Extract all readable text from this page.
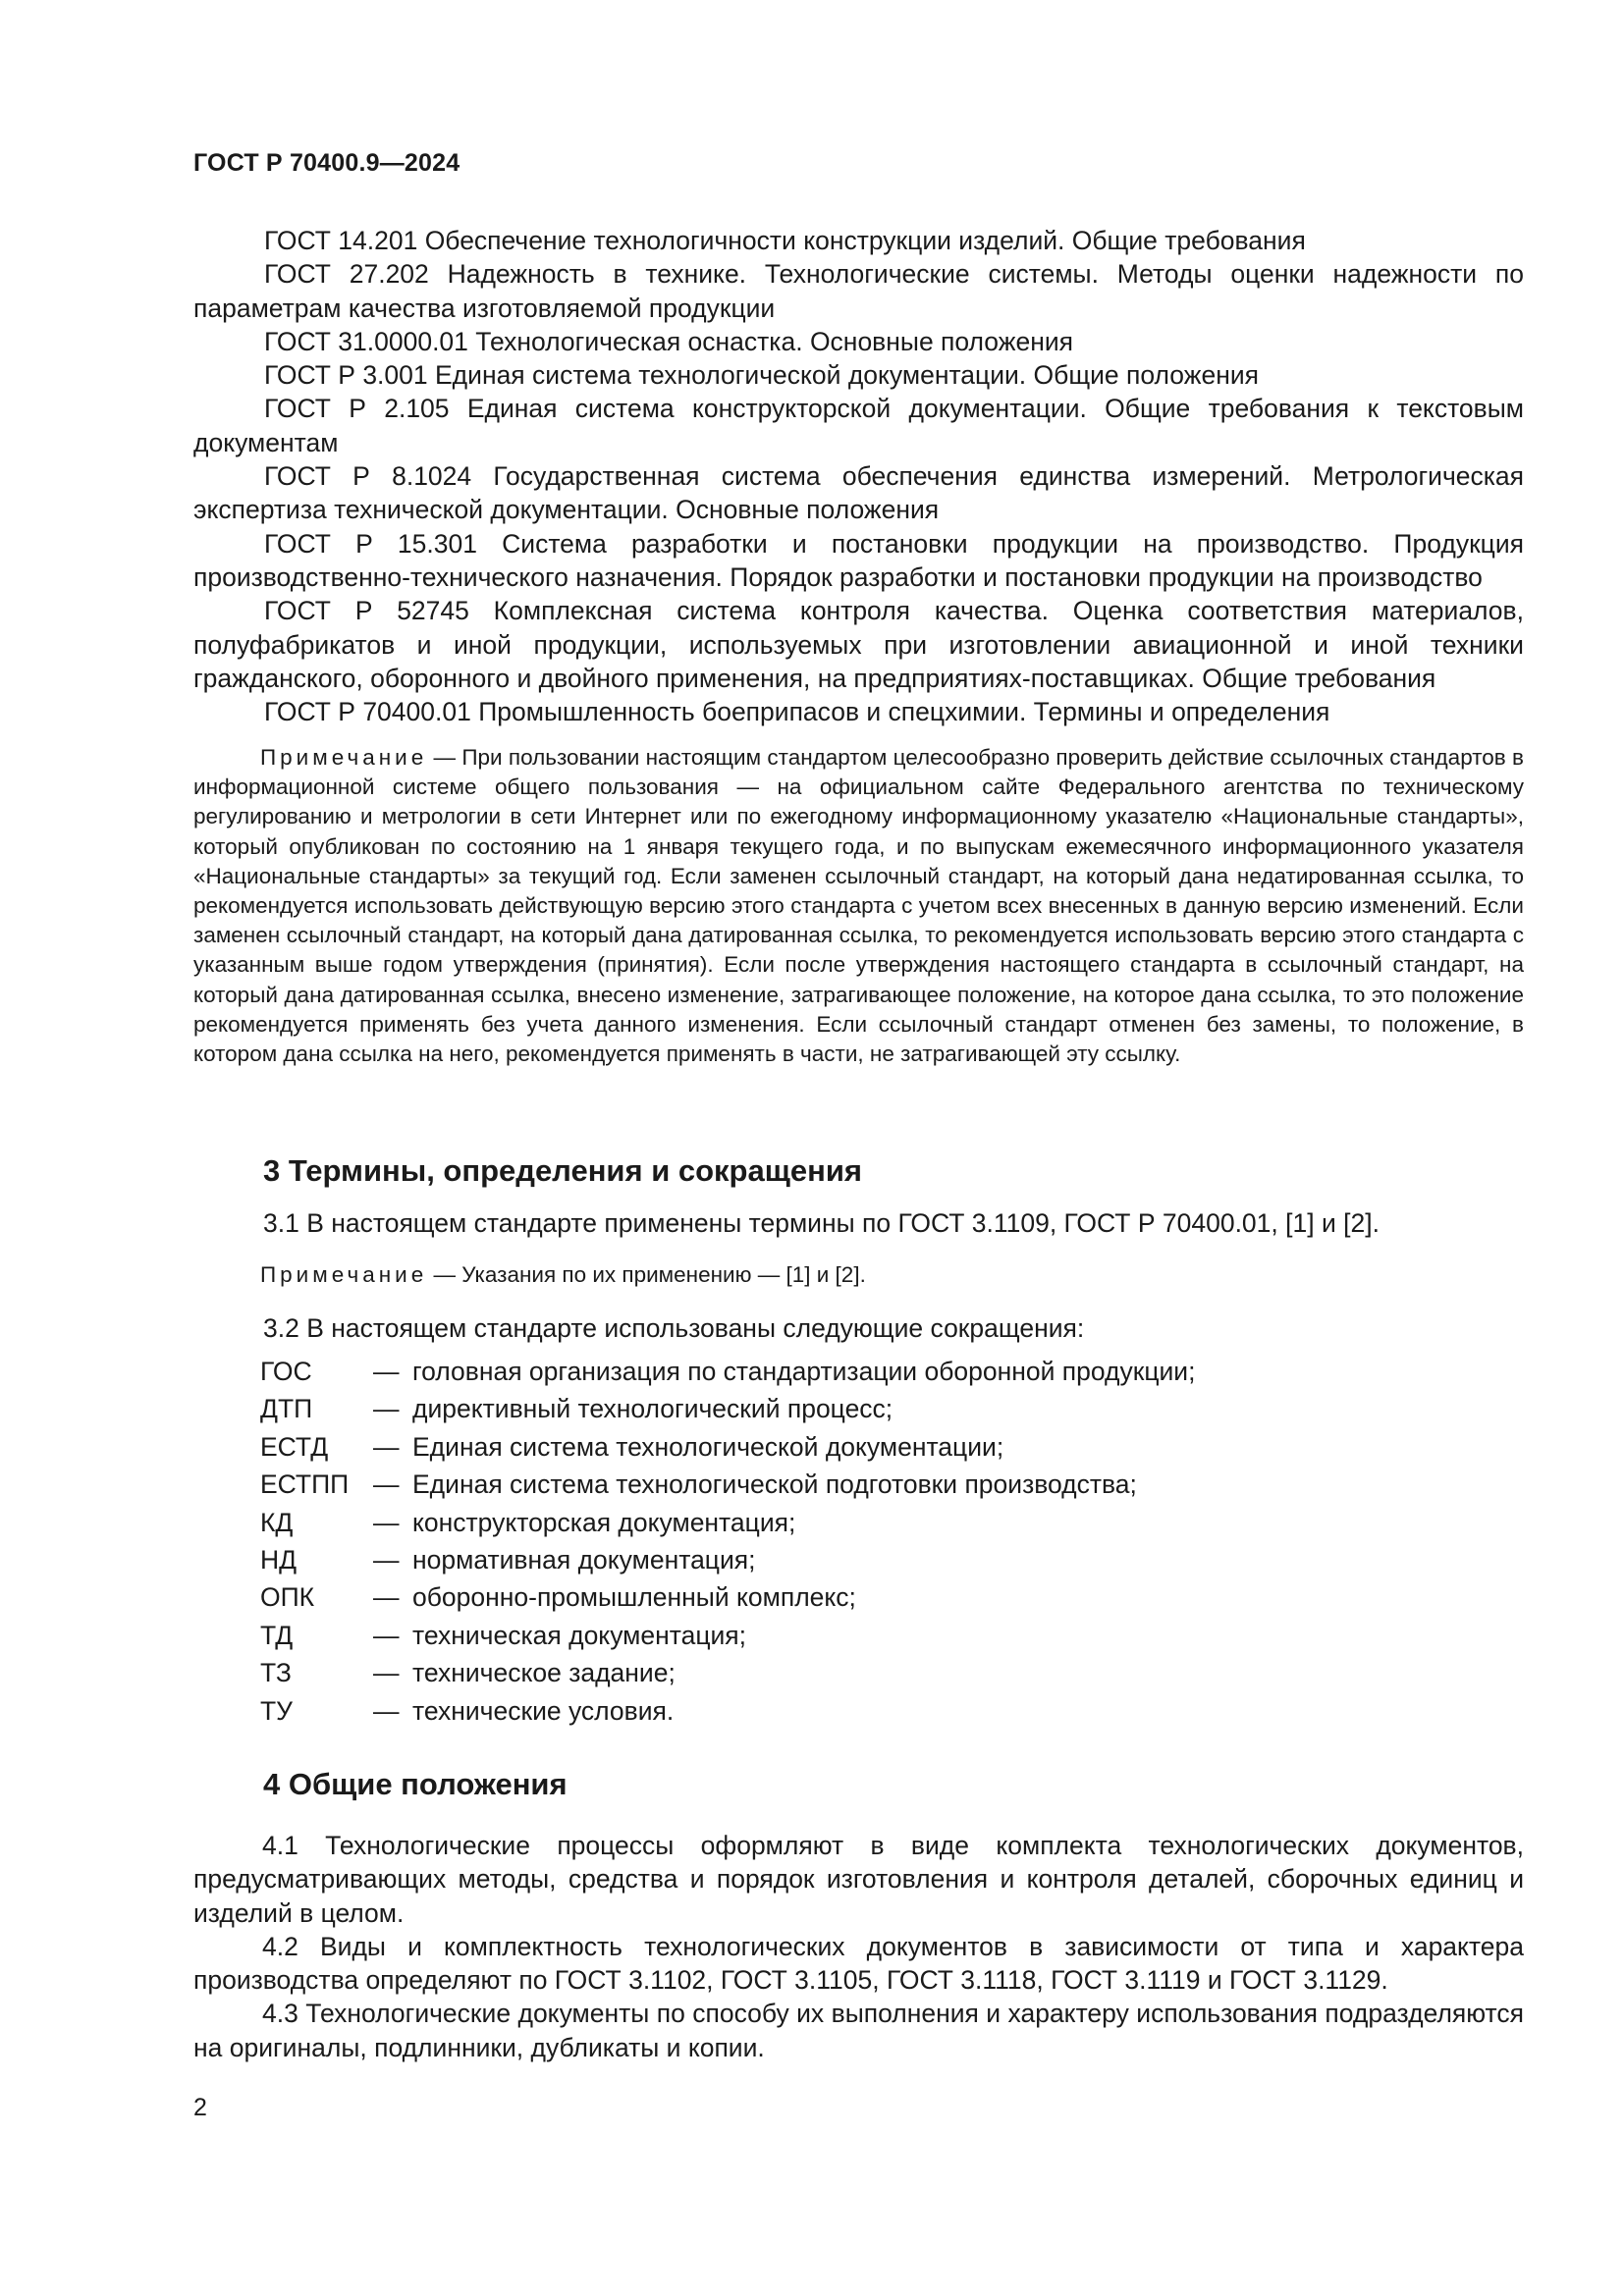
ГОСТ Р 70400.9—2024

ГОСТ 14.201 Обеспечение технологичности конструкции изделий. Общие требования

ГОСТ 27.202 Надежность в технике. Технологические системы. Методы оценки надежности по параметрам качества изготовляемой продукции

ГОСТ 31.0000.01 Технологическая оснастка. Основные положения

ГОСТ Р 3.001 Единая система технологической документации. Общие положения

ГОСТ Р 2.105 Единая система конструкторской документации. Общие требования к текстовым документам

ГОСТ Р 8.1024 Государственная система обеспечения единства измерений. Метрологическая экспертиза технической документации. Основные положения

ГОСТ Р 15.301 Система разработки и постановки продукции на производство. Продукция производственно-технического назначения. Порядок разработки и постановки продукции на производство

ГОСТ Р 52745 Комплексная система контроля качества. Оценка соответствия материалов, полуфабрикатов и иной продукции, используемых при изготовлении авиационной и иной техники гражданского, оборонного и двойного применения, на предприятиях-поставщиках. Общие требования

ГОСТ Р 70400.01 Промышленность боеприпасов и спецхимии. Термины и определения

Примечание — При пользовании настоящим стандартом целесообразно проверить действие ссылочных стандартов в информационной системе общего пользования — на официальном сайте Федерального агентства по техническому регулированию и метрологии в сети Интернет или по ежегодному информационному указателю «Национальные стандарты», который опубликован по состоянию на 1 января текущего года, и по выпускам ежемесячного информационного указателя «Национальные стандарты» за текущий год. Если заменен ссылочный стандарт, на который дана недатированная ссылка, то рекомендуется использовать действующую версию этого стандарта с учетом всех внесенных в данную версию изменений. Если заменен ссылочный стандарт, на который дана датированная ссылка, то рекомендуется использовать версию этого стандарта с указанным выше годом утверждения (принятия). Если после утверждения настоящего стандарта в ссылочный стандарт, на который дана датированная ссылка, внесено изменение, затрагивающее положение, на которое дана ссылка, то это положение рекомендуется применять без учета данного изменения. Если ссылочный стандарт отменен без замены, то положение, в котором дана ссылка на него, рекомендуется применять в части, не затрагивающей эту ссылку.

3 Термины, определения и сокращения
3.1 В настоящем стандарте применены термины по ГОСТ 3.1109, ГОСТ Р 70400.01, [1] и [2].
Примечание — Указания по их применению — [1] и [2].
3.2 В настоящем стандарте использованы следующие сокращения:
ГОС	— головная организация по стандартизации оборонной продукции;
ДТП	— директивный технологический процесс;
ЕСТД	— Единая система технологической документации;
ЕСТПП — Единая система технологической подготовки производства;
КД	— конструкторская документация;
НД	— нормативная документация;
ОПК	— оборонно-промышленный комплекс;
ТД	— техническая документация;
ТЗ	— техническое задание;
ТУ	— технические условия.
4 Общие положения

4.1 Технологические процессы оформляют в виде комплекта технологических документов, предусматривающих методы, средства и порядок изготовления и контроля деталей, сборочных единиц и изделий в целом.

4.2 Виды и комплектность технологических документов в зависимости от типа и характера производства определяют по ГОСТ 3.1102, ГОСТ 3.1105, ГОСТ 3.1118, ГОСТ 3.1119 и ГОСТ 3.1129.

4.3 Технологические документы по способу их выполнения и характеру использования подразделяются на оригиналы, подлинники, дубликаты и копии.

2
